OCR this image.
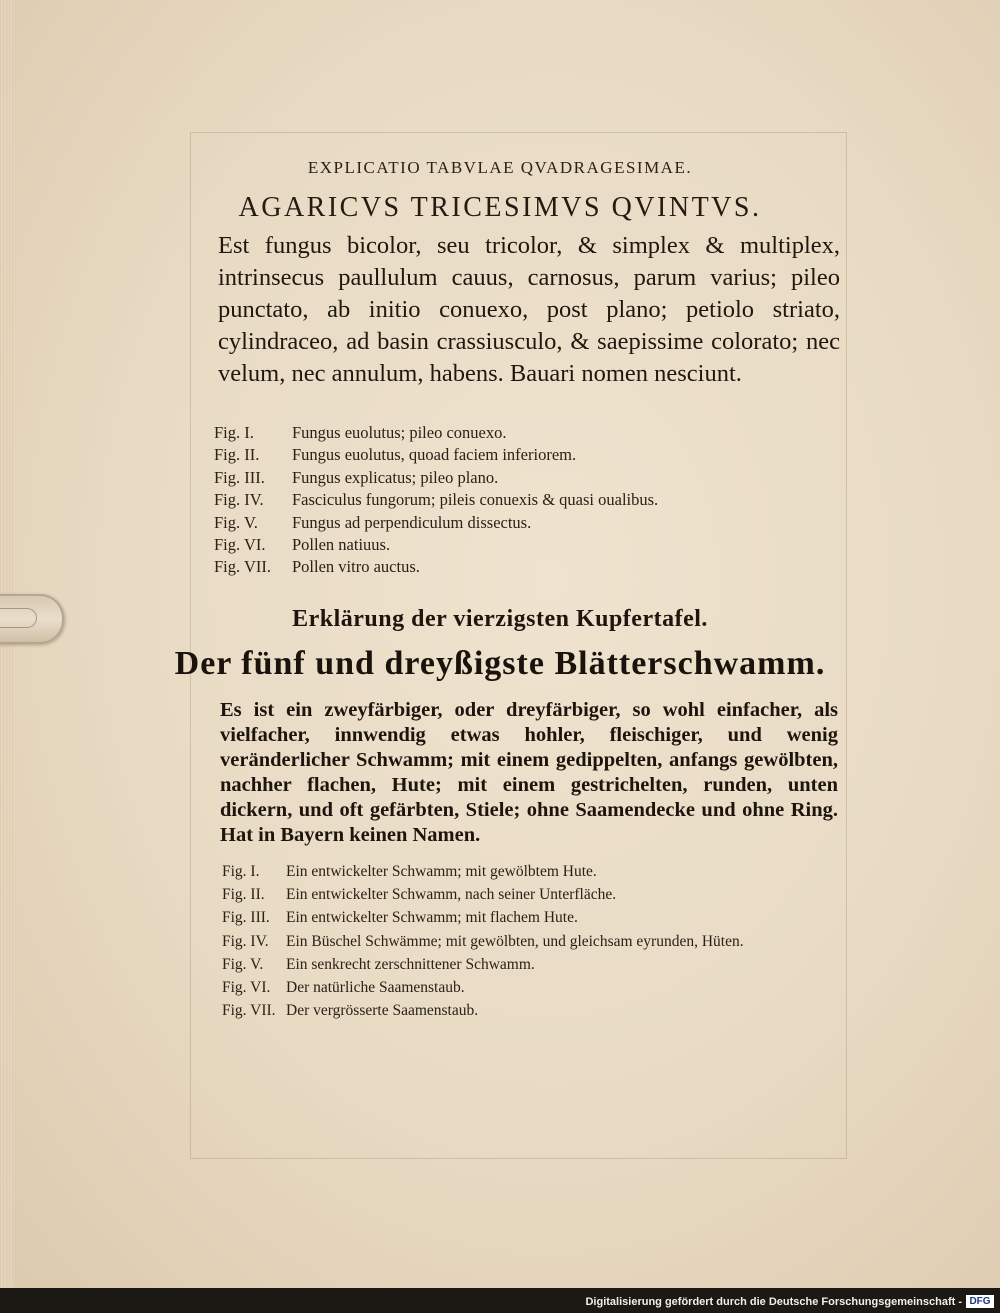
EXPLICATIO TABVLAE QVADRAGESIMAE.
AGARICVS TRICESIMVS QVINTVS.

Est fungus bicolor, seu tricolor, & simplex & multiplex, intrinsecus paullulum cauus, carnosus, parum varius; pileo punctato, ab initio conuexo, post plano; petiolo striato, cylindraceo, ad basin crassiusculo, & saepissime colorato; nec velum, nec annulum, habens. Bauari nomen nesciunt.

Fig. I. Fungus euolutus; pileo conuexo.
Fig. II. Fungus euolutus, quoad faciem inferiorem.
Fig. III. Fungus explicatus; pileo plano.
Fig. IV. Fasciculus fungorum; pileis conuexis & quasi oualibus.
Fig. V. Fungus ad perpendiculum dissectus.
Fig. VI. Pollen natiuus.
Fig. VII. Pollen vitro auctus.
Erklärung der vierzigsten Kupfertafel.
Der fünf und dreyßigste Blätterschwamm.
Es ist ein zweyfärbiger, oder dreyfärbiger, so wohl einfacher, als vielfacher, innwendig etwas hohler, fleischiger, und wenig veränderlicher Schwamm; mit einem gedippelten, anfangs gewölbten, nachher flachen, Hute; mit einem gestrichelten, runden, unten dickern, und oft gefärbten, Stiele; ohne Saamendecke und ohne Ring. Hat in Bayern keinen Namen.
Fig. I. Ein entwickelter Schwamm; mit gewölbtem Hute.
Fig. II. Ein entwickelter Schwamm, nach seiner Unterfläche.
Fig. III. Ein entwickelter Schwamm; mit flachem Hute.
Fig. IV. Ein Büschel Schwämme; mit gewölbten, und gleichsam eyrunden, Hüten.
Fig. V. Ein senkrecht zerschnittener Schwamm.
Fig. VI. Der natürliche Saamenstaub.
Fig. VII. Der vergrösserte Saamenstaub.
Digitalisierung gefördert durch die Deutsche Forschungsgemeinschaft - DFG
